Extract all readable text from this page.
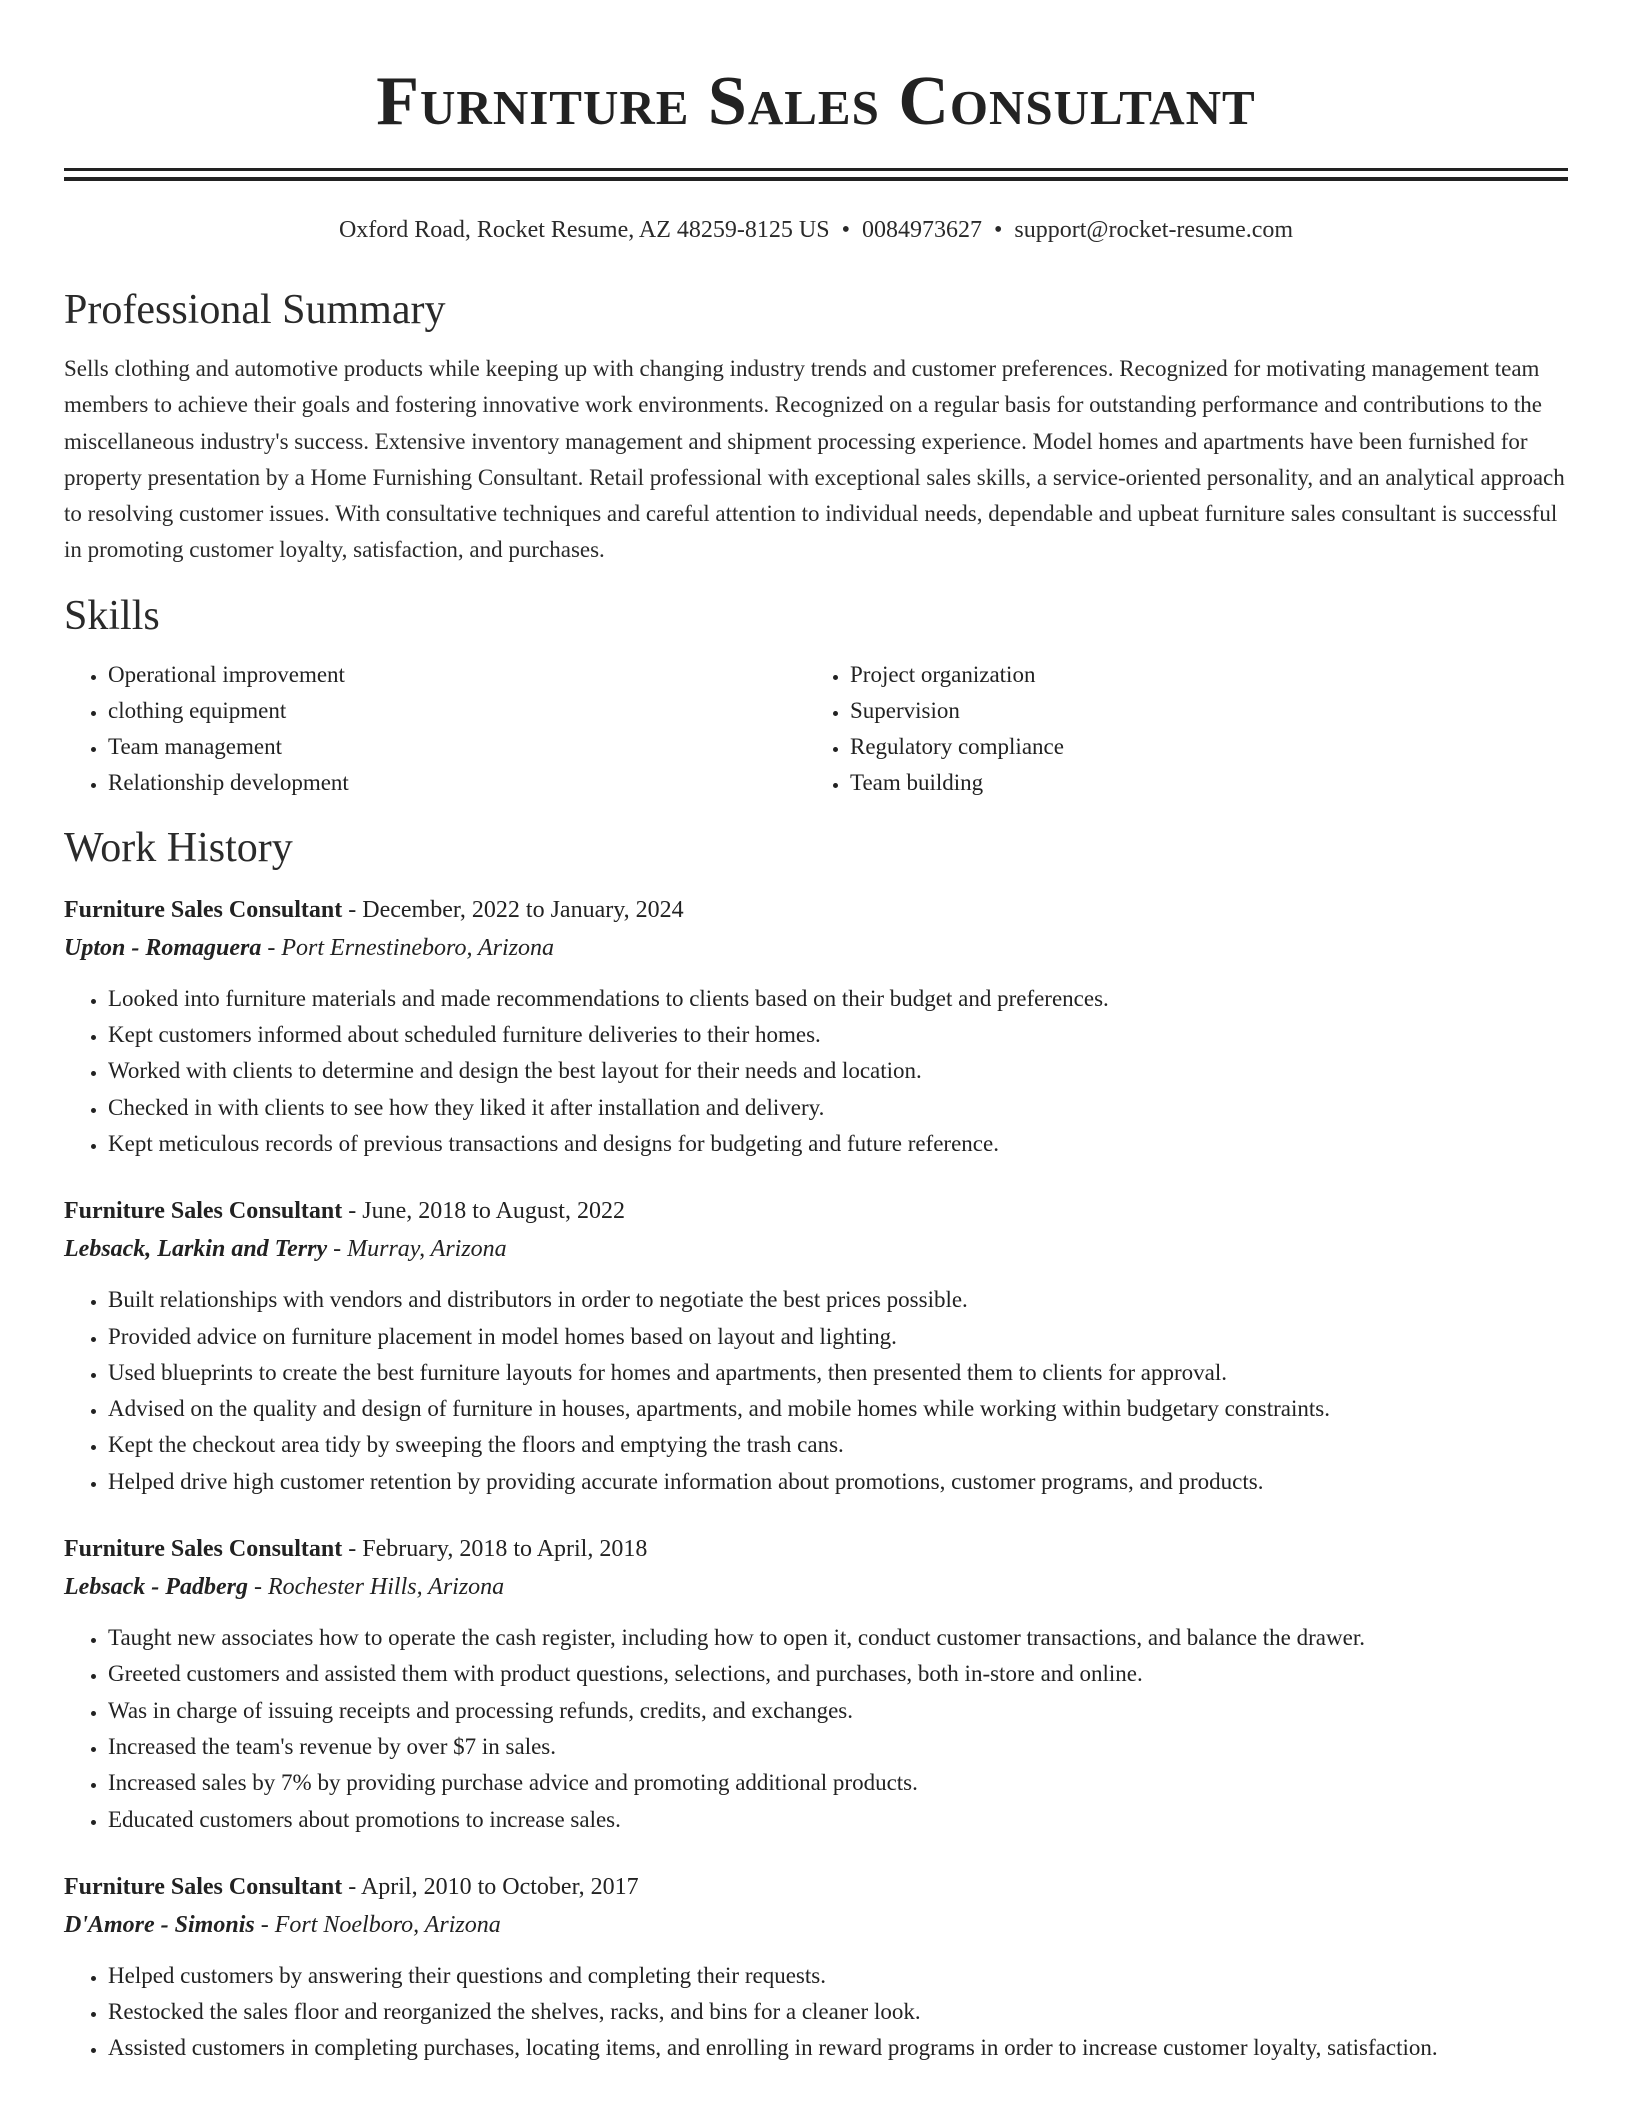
Furniture Sales Consultant
Oxford Road, Rocket Resume, AZ 48259-8125 US • 0084973627 • support@rocket-resume.com
Professional Summary

Sells clothing and automotive products while keeping up with changing industry trends and customer preferences. Recognized for motivating management team members to achieve their goals and fostering innovative work environments. Recognized on a regular basis for outstanding performance and contributions to the miscellaneous industry's success. Extensive inventory management and shipment processing experience. Model homes and apartments have been furnished for property presentation by a Home Furnishing Consultant. Retail professional with exceptional sales skills, a service-oriented personality, and an analytical approach to resolving customer issues. With consultative techniques and careful attention to individual needs, dependable and upbeat furniture sales consultant is successful in promoting customer loyalty, satisfaction, and purchases.

Skills
• Operational improvement
• clothing equipment
• Team management
• Relationship development
• Project organization
• Supervision
• Regulatory compliance
• Team building
Work History
Furniture Sales Consultant - December, 2022 to January, 2024
Upton - Romaguera - Port Ernestineboro, Arizona
• Looked into furniture materials and made recommendations to clients based on their budget and preferences.
• Kept customers informed about scheduled furniture deliveries to their homes.
• Worked with clients to determine and design the best layout for their needs and location.
• Checked in with clients to see how they liked it after installation and delivery.
• Kept meticulous records of previous transactions and designs for budgeting and future reference.
Furniture Sales Consultant - June, 2018 to August, 2022
Lebsack, Larkin and Terry - Murray, Arizona
• Built relationships with vendors and distributors in order to negotiate the best prices possible.
• Provided advice on furniture placement in model homes based on layout and lighting.
• Used blueprints to create the best furniture layouts for homes and apartments, then presented them to clients for approval.
• Advised on the quality and design of furniture in houses, apartments, and mobile homes while working within budgetary constraints.
• Kept the checkout area tidy by sweeping the floors and emptying the trash cans.
• Helped drive high customer retention by providing accurate information about promotions, customer programs, and products.
Furniture Sales Consultant - February, 2018 to April, 2018
Lebsack - Padberg - Rochester Hills, Arizona
• Taught new associates how to operate the cash register, including how to open it, conduct customer transactions, and balance the drawer.
• Greeted customers and assisted them with product questions, selections, and purchases, both in-store and online.
• Was in charge of issuing receipts and processing refunds, credits, and exchanges.
• Increased the team's revenue by over $7 in sales.
• Increased sales by 7% by providing purchase advice and promoting additional products.
• Educated customers about promotions to increase sales.
Furniture Sales Consultant - April, 2010 to October, 2017
D'Amore - Simonis - Fort Noelboro, Arizona
• Helped customers by answering their questions and completing their requests.
• Restocked the sales floor and reorganized the shelves, racks, and bins for a cleaner look.
• Assisted customers in completing purchases, locating items, and enrolling in reward programs in order to increase customer loyalty, satisfaction.
